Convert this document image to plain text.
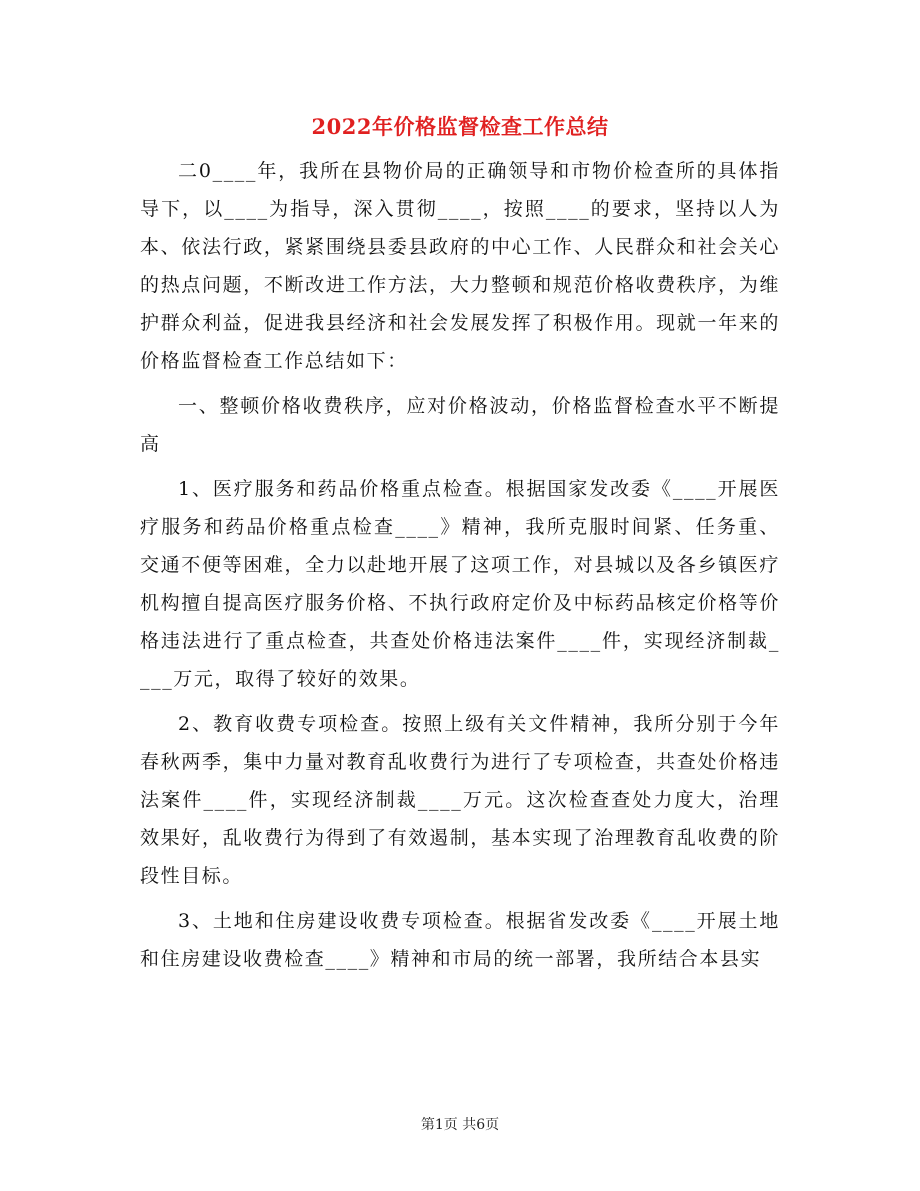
2022年价格监督检查工作总结

二0____年，我所在县物价局的正确领导和市物价检查所的具体指导下，以____为指导，深入贯彻____，按照____的要求，坚持以人为本、依法行政，紧紧围绕县委县政府的中心工作、人民群众和社会关心的热点问题，不断改进工作方法，大力整顿和规范价格收费秩序，为维护群众利益，促进我县经济和社会发展发挥了积极作用。现就一年来的价格监督检查工作总结如下：

一、整顿价格收费秩序，应对价格波动，价格监督检查水平不断提高

1、医疗服务和药品价格重点检查。根据国家发改委《____开展医疗服务和药品价格重点检查____》精神，我所克服时间紧、任务重、交通不便等困难，全力以赴地开展了这项工作，对县城以及各乡镇医疗机构擅自提高医疗服务价格、不执行政府定价及中标药品核定价格等价格违法进行了重点检查，共查处价格违法案件____件，实现经济制裁____万元，取得了较好的效果。

2、教育收费专项检查。按照上级有关文件精神，我所分别于今年春秋两季，集中力量对教育乱收费行为进行了专项检查，共查处价格违法案件____件，实现经济制裁____万元。这次检查查处力度大，治理效果好，乱收费行为得到了有效遏制，基本实现了治理教育乱收费的阶段性目标。

3、土地和住房建设收费专项检查。根据省发改委《____开展土地和住房建设收费检查____》精神和市局的统一部署，我所结合本县实

第1页 共6页
